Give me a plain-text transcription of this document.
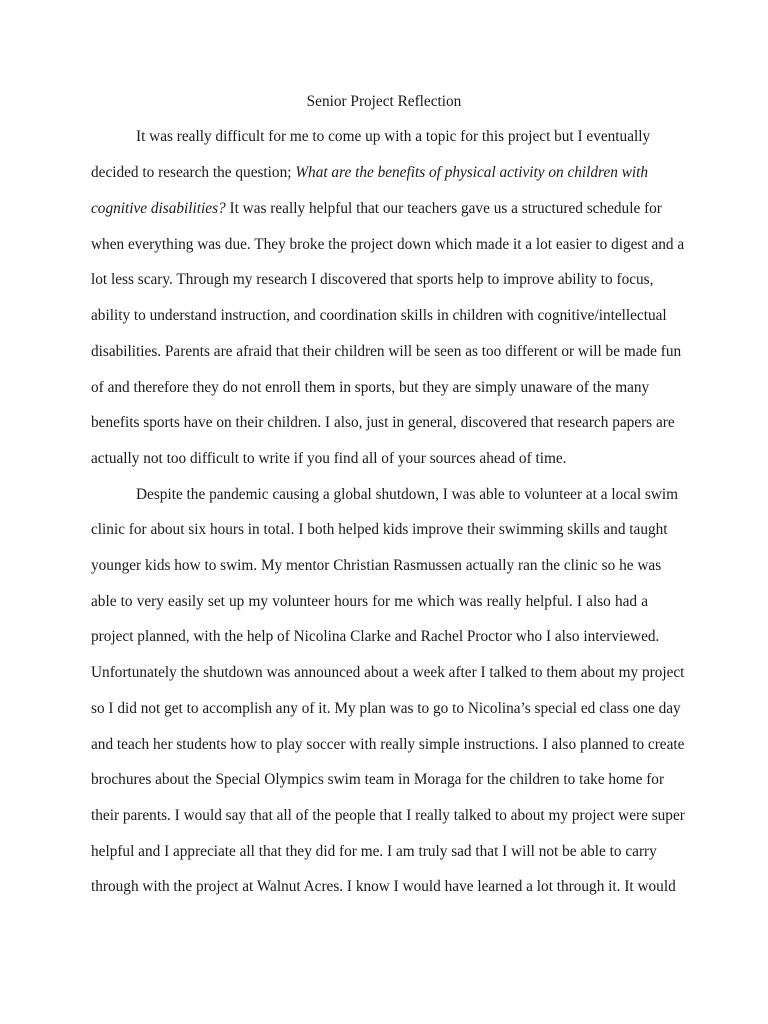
Senior Project Reflection
It was really difficult for me to come up with a topic for this project but I eventually
decided to research the question; What are the benefits of physical activity on children with
cognitive disabilities? It was really helpful that our teachers gave us a structured schedule for
when everything was due. They broke the project down which made it a lot easier to digest and a
lot less scary. Through my research I discovered that sports help to improve ability to focus,
ability to understand instruction, and coordination skills in children with cognitive/intellectual
disabilities. Parents are afraid that their children will be seen as too different or will be made fun
of and therefore they do not enroll them in sports, but they are simply unaware of the many
benefits sports have on their children. I also, just in general, discovered that research papers are
actually not too difficult to write if you find all of your sources ahead of time.
Despite the pandemic causing a global shutdown, I was able to volunteer at a local swim
clinic for about six hours in total. I both helped kids improve their swimming skills and taught
younger kids how to swim. My mentor Christian Rasmussen actually ran the clinic so he was
able to very easily set up my volunteer hours for me which was really helpful. I also had a
project planned, with the help of Nicolina Clarke and Rachel Proctor who I also interviewed.
Unfortunately the shutdown was announced about a week after I talked to them about my project
so I did not get to accomplish any of it. My plan was to go to Nicolina’s special ed class one day
and teach her students how to play soccer with really simple instructions. I also planned to create
brochures about the Special Olympics swim team in Moraga for the children to take home for
their parents. I would say that all of the people that I really talked to about my project were super
helpful and I appreciate all that they did for me. I am truly sad that I will not be able to carry
through with the project at Walnut Acres. I know I would have learned a lot through it. It would
